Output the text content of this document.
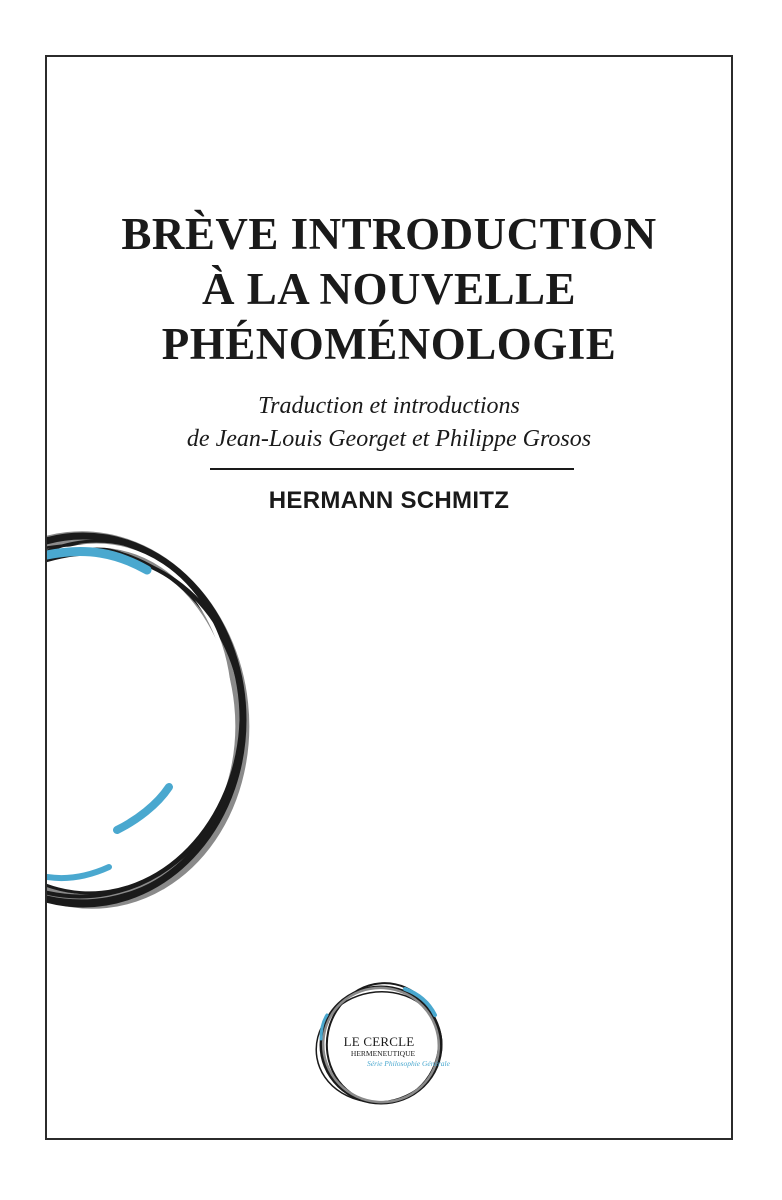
BRÈVE INTRODUCTION
À LA NOUVELLE
PHÉNOMÉNOLOGIE
Traduction et introductions
de Jean-Louis Georget et Philippe Grosos
HERMANN SCHMITZ
LE CERCLE
HERMENEUTIQUE
Série Philosophie Générale
